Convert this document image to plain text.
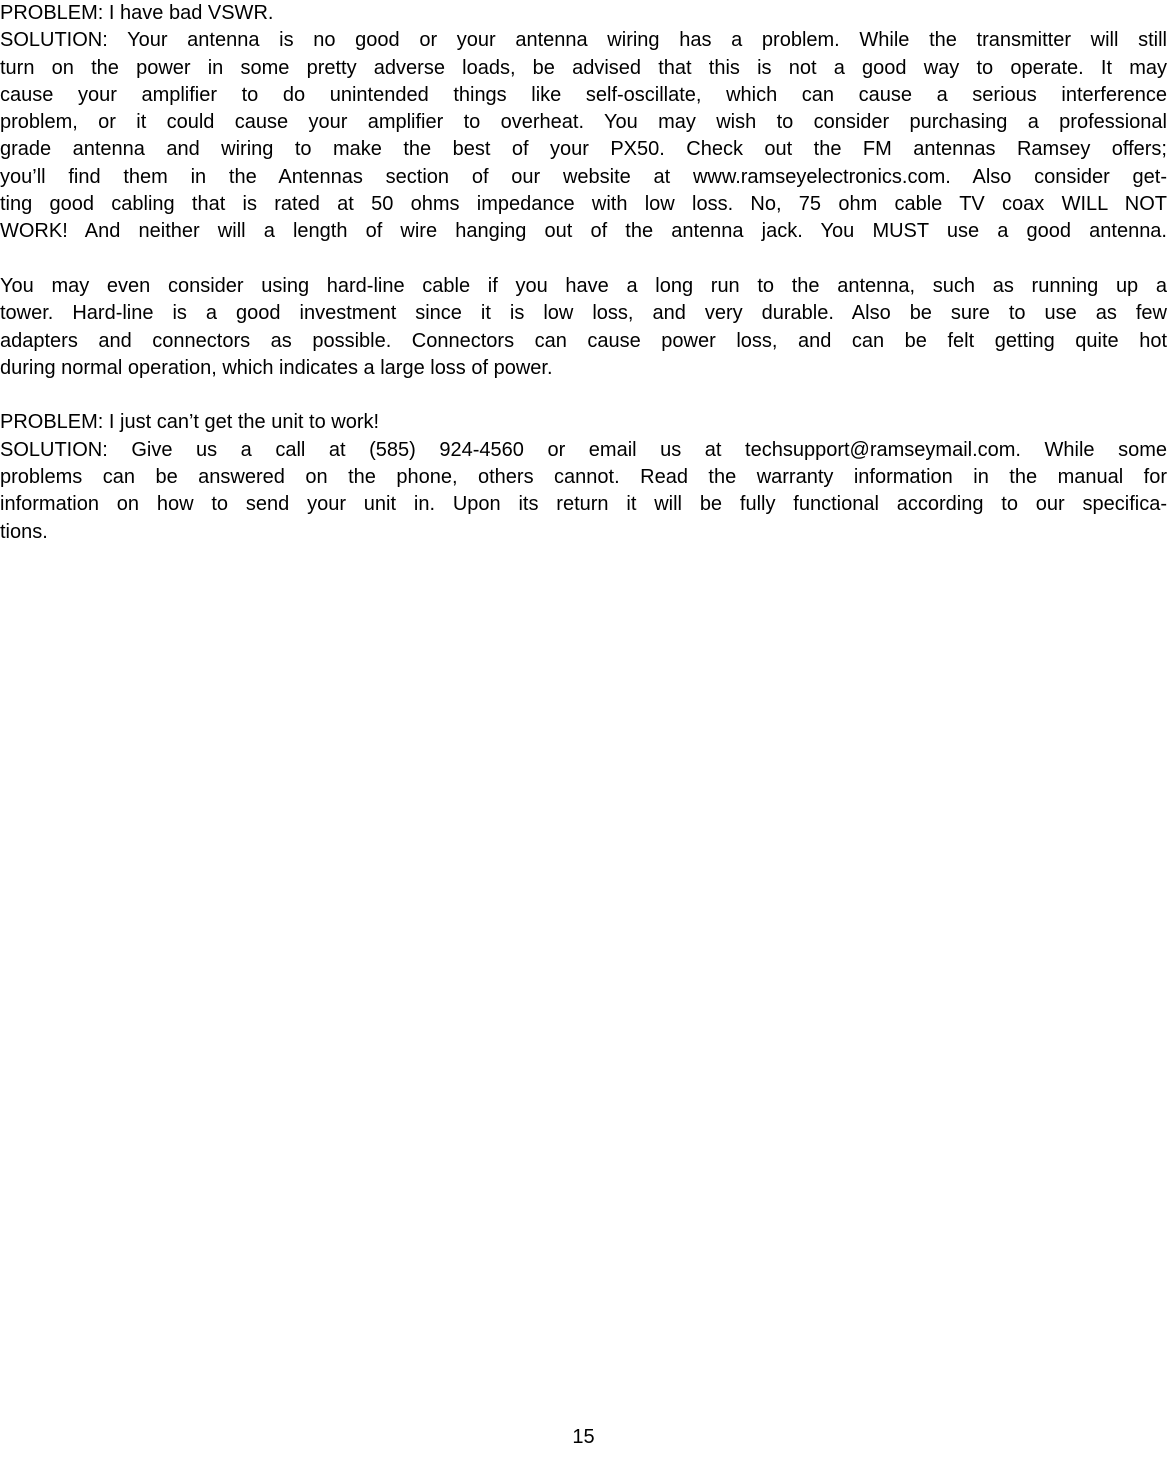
PROBLEM: I have bad VSWR.
SOLUTION: Your antenna is no good or your antenna wiring has a problem. While the transmitter will still
turn on the power in some pretty adverse loads, be advised that this is not a good way to operate. It may
cause your amplifier to do unintended things like self-oscillate, which can cause a serious interference
problem, or it could cause your amplifier to overheat. You may wish to consider purchasing a professional
grade antenna and wiring to make the best of your PX50. Check out the FM antennas Ramsey offers;
you’ll find them in the Antennas section of our website at www.ramseyelectronics.com. Also consider get-
ting good cabling that is rated at 50 ohms impedance with low loss. No, 75 ohm cable TV coax WILL NOT
WORK! And neither will a length of wire hanging out of the antenna jack. You MUST use a good antenna.
You may even consider using hard-line cable if you have a long run to the antenna, such as running up a
tower. Hard-line is a good investment since it is low loss, and very durable. Also be sure to use as few
adapters and connectors as possible. Connectors can cause power loss, and can be felt getting quite hot
during normal operation, which indicates a large loss of power.
PROBLEM: I just can’t get the unit to work!
SOLUTION: Give us a call at (585) 924-4560 or email us at techsupport@ramseymail.com. While some
problems can be answered on the phone, others cannot. Read the warranty information in the manual for
information on how to send your unit in. Upon its return it will be fully functional according to our specifica-
tions.
15
